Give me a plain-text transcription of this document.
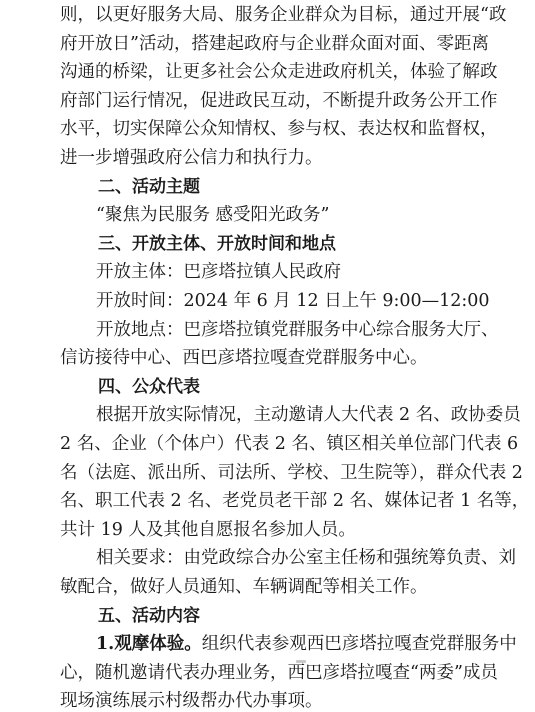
则，以更好服务大局、服务企业群众为目标，通过开展“政
府开放日”活动，搭建起政府与企业群众面对面、零距离
沟通的桥梁，让更多社会公众走进政府机关，体验了解政
府部门运行情况，促进政民互动，不断提升政务公开工作
水平，切实保障公众知情权、参与权、表达权和监督权，
进一步增强政府公信力和执行力。
二、活动主题
“聚焦为民服务 感受阳光政务”
三、开放主体、开放时间和地点
开放主体：巴彦塔拉镇人民政府
开放时间：2024 年 6 月 12 日上午 9:00—12:00
开放地点：巴彦塔拉镇党群服务中心综合服务大厅、
信访接待中心、西巴彦塔拉嘎查党群服务中心。
四、公众代表
根据开放实际情况，主动邀请人大代表 2 名、政协委员
2 名、企业（个体户）代表 2 名、镇区相关单位部门代表 6
名（法庭、派出所、司法所、学校、卫生院等），群众代表 2
名、职工代表 2 名、老党员老干部 2 名、媒体记者 1 名等，
共计 19 人及其他自愿报名参加人员。
相关要求：由党政综合办公室主任杨和强统筹负责、刘
敏配合，做好人员通知、车辆调配等相关工作。
五、活动内容
1.观摩体验。组织代表参观西巴彦塔拉嘎查党群服务中
心，随机邀请代表办理业务，西巴彦塔拉嘎查“两委”成员
现场演练展示村级帮办代办事项。
